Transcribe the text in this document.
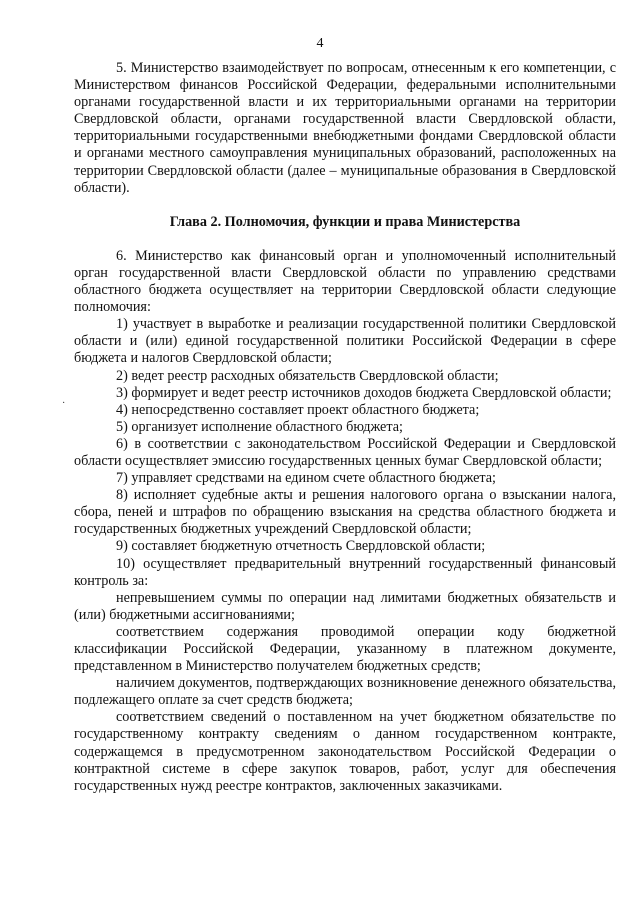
4
·

5. Министерство взаимодействует по вопросам, отнесенным к его компетенции, с Министерством финансов Российской Федерации, федеральными исполнительными органами государственной власти и их территориальными органами на территории Свердловской области, органами государственной власти Свердловской области, территориальными государственными внебюджетными фондами Свердловской области и органами местного самоуправления муниципальных образований, расположенных на территории Свердловской области (далее – муниципальные образования в Свердловской области).

Глава 2. Полномочия, функции и права Министерства

6. Министерство как финансовый орган и уполномоченный исполнительный орган государственной власти Свердловской области по управлению средствами областного бюджета осуществляет на территории Свердловской области следующие полномочия:

1) участвует в выработке и реализации государственной политики Свердловской области и (или) единой государственной политики Российской Федерации в сфере бюджета и налогов Свердловской области;

2) ведет реестр расходных обязательств Свердловской области;

3) формирует и ведет реестр источников доходов бюджета Свердловской области;

4) непосредственно составляет проект областного бюджета;

5) организует исполнение областного бюджета;

6) в соответствии с законодательством Российской Федерации и Свердловской области осуществляет эмиссию государственных ценных бумаг Свердловской области;

7) управляет средствами на едином счете областного бюджета;

8) исполняет судебные акты и решения налогового органа о взыскании налога, сбора, пеней и штрафов по обращению взыскания на средства областного бюджета и государственных бюджетных учреждений Свердловской области;

9) составляет бюджетную отчетность Свердловской области;

10) осуществляет предварительный внутренний государственный финансовый контроль за:

непревышением суммы по операции над лимитами бюджетных обязательств и (или) бюджетными ассигнованиями;

соответствием содержания проводимой операции коду бюджетной классификации Российской Федерации, указанному в платежном документе, представленном в Министерство получателем бюджетных средств;

наличием документов, подтверждающих возникновение денежного обязательства, подлежащего оплате за счет средств бюджета;

соответствием сведений о поставленном на учет бюджетном обязательстве по государственному контракту сведениям о данном государственном контракте, содержащемся в предусмотренном законодательством Российской Федерации о контрактной системе в сфере закупок товаров, работ, услуг для обеспечения государственных нужд реестре контрактов, заключенных заказчиками.
